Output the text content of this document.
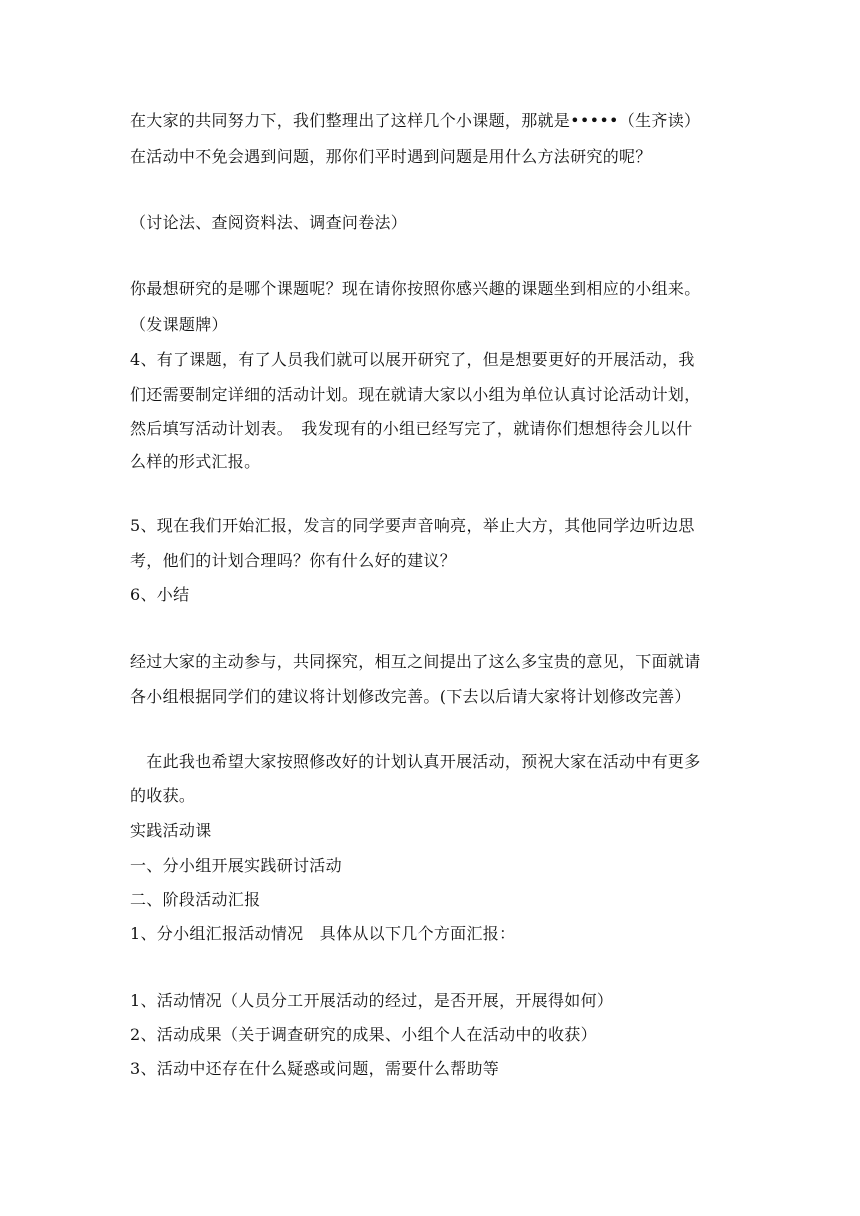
在大家的共同努力下，我们整理出了这样几个小课题，那就是•••••（生齐读）
在活动中不免会遇到问题，那你们平时遇到问题是用什么方法研究的呢？
（讨论法、查阅资料法、调查问卷法）
你最想研究的是哪个课题呢？现在请你按照你感兴趣的课题坐到相应的小组来。
（发课题牌）
4、有了课题，有了人员我们就可以展开研究了，但是想要更好的开展活动，我
们还需要制定详细的活动计划。现在就请大家以小组为单位认真讨论活动计划，
然后填写活动计划表。　我发现有的小组已经写完了，就请你们想想待会儿以什
么样的形式汇报。
5、现在我们开始汇报，发言的同学要声音响亮，举止大方，其他同学边听边思
考，他们的计划合理吗？你有什么好的建议？
6、小结
经过大家的主动参与，共同探究，相互之间提出了这么多宝贵的意见，下面就请
各小组根据同学们的建议将计划修改完善。(下去以后请大家将计划修改完善）
　在此我也希望大家按照修改好的计划认真开展活动，预祝大家在活动中有更多
的收获。
实践活动课
一、分小组开展实践研讨活动
二、阶段活动汇报
1、分小组汇报活动情况　具体从以下几个方面汇报：
1、活动情况（人员分工开展活动的经过，是否开展，开展得如何）
2、活动成果（关于调查研究的成果、小组个人在活动中的收获）
3、活动中还存在什么疑惑或问题，需要什么帮助等
